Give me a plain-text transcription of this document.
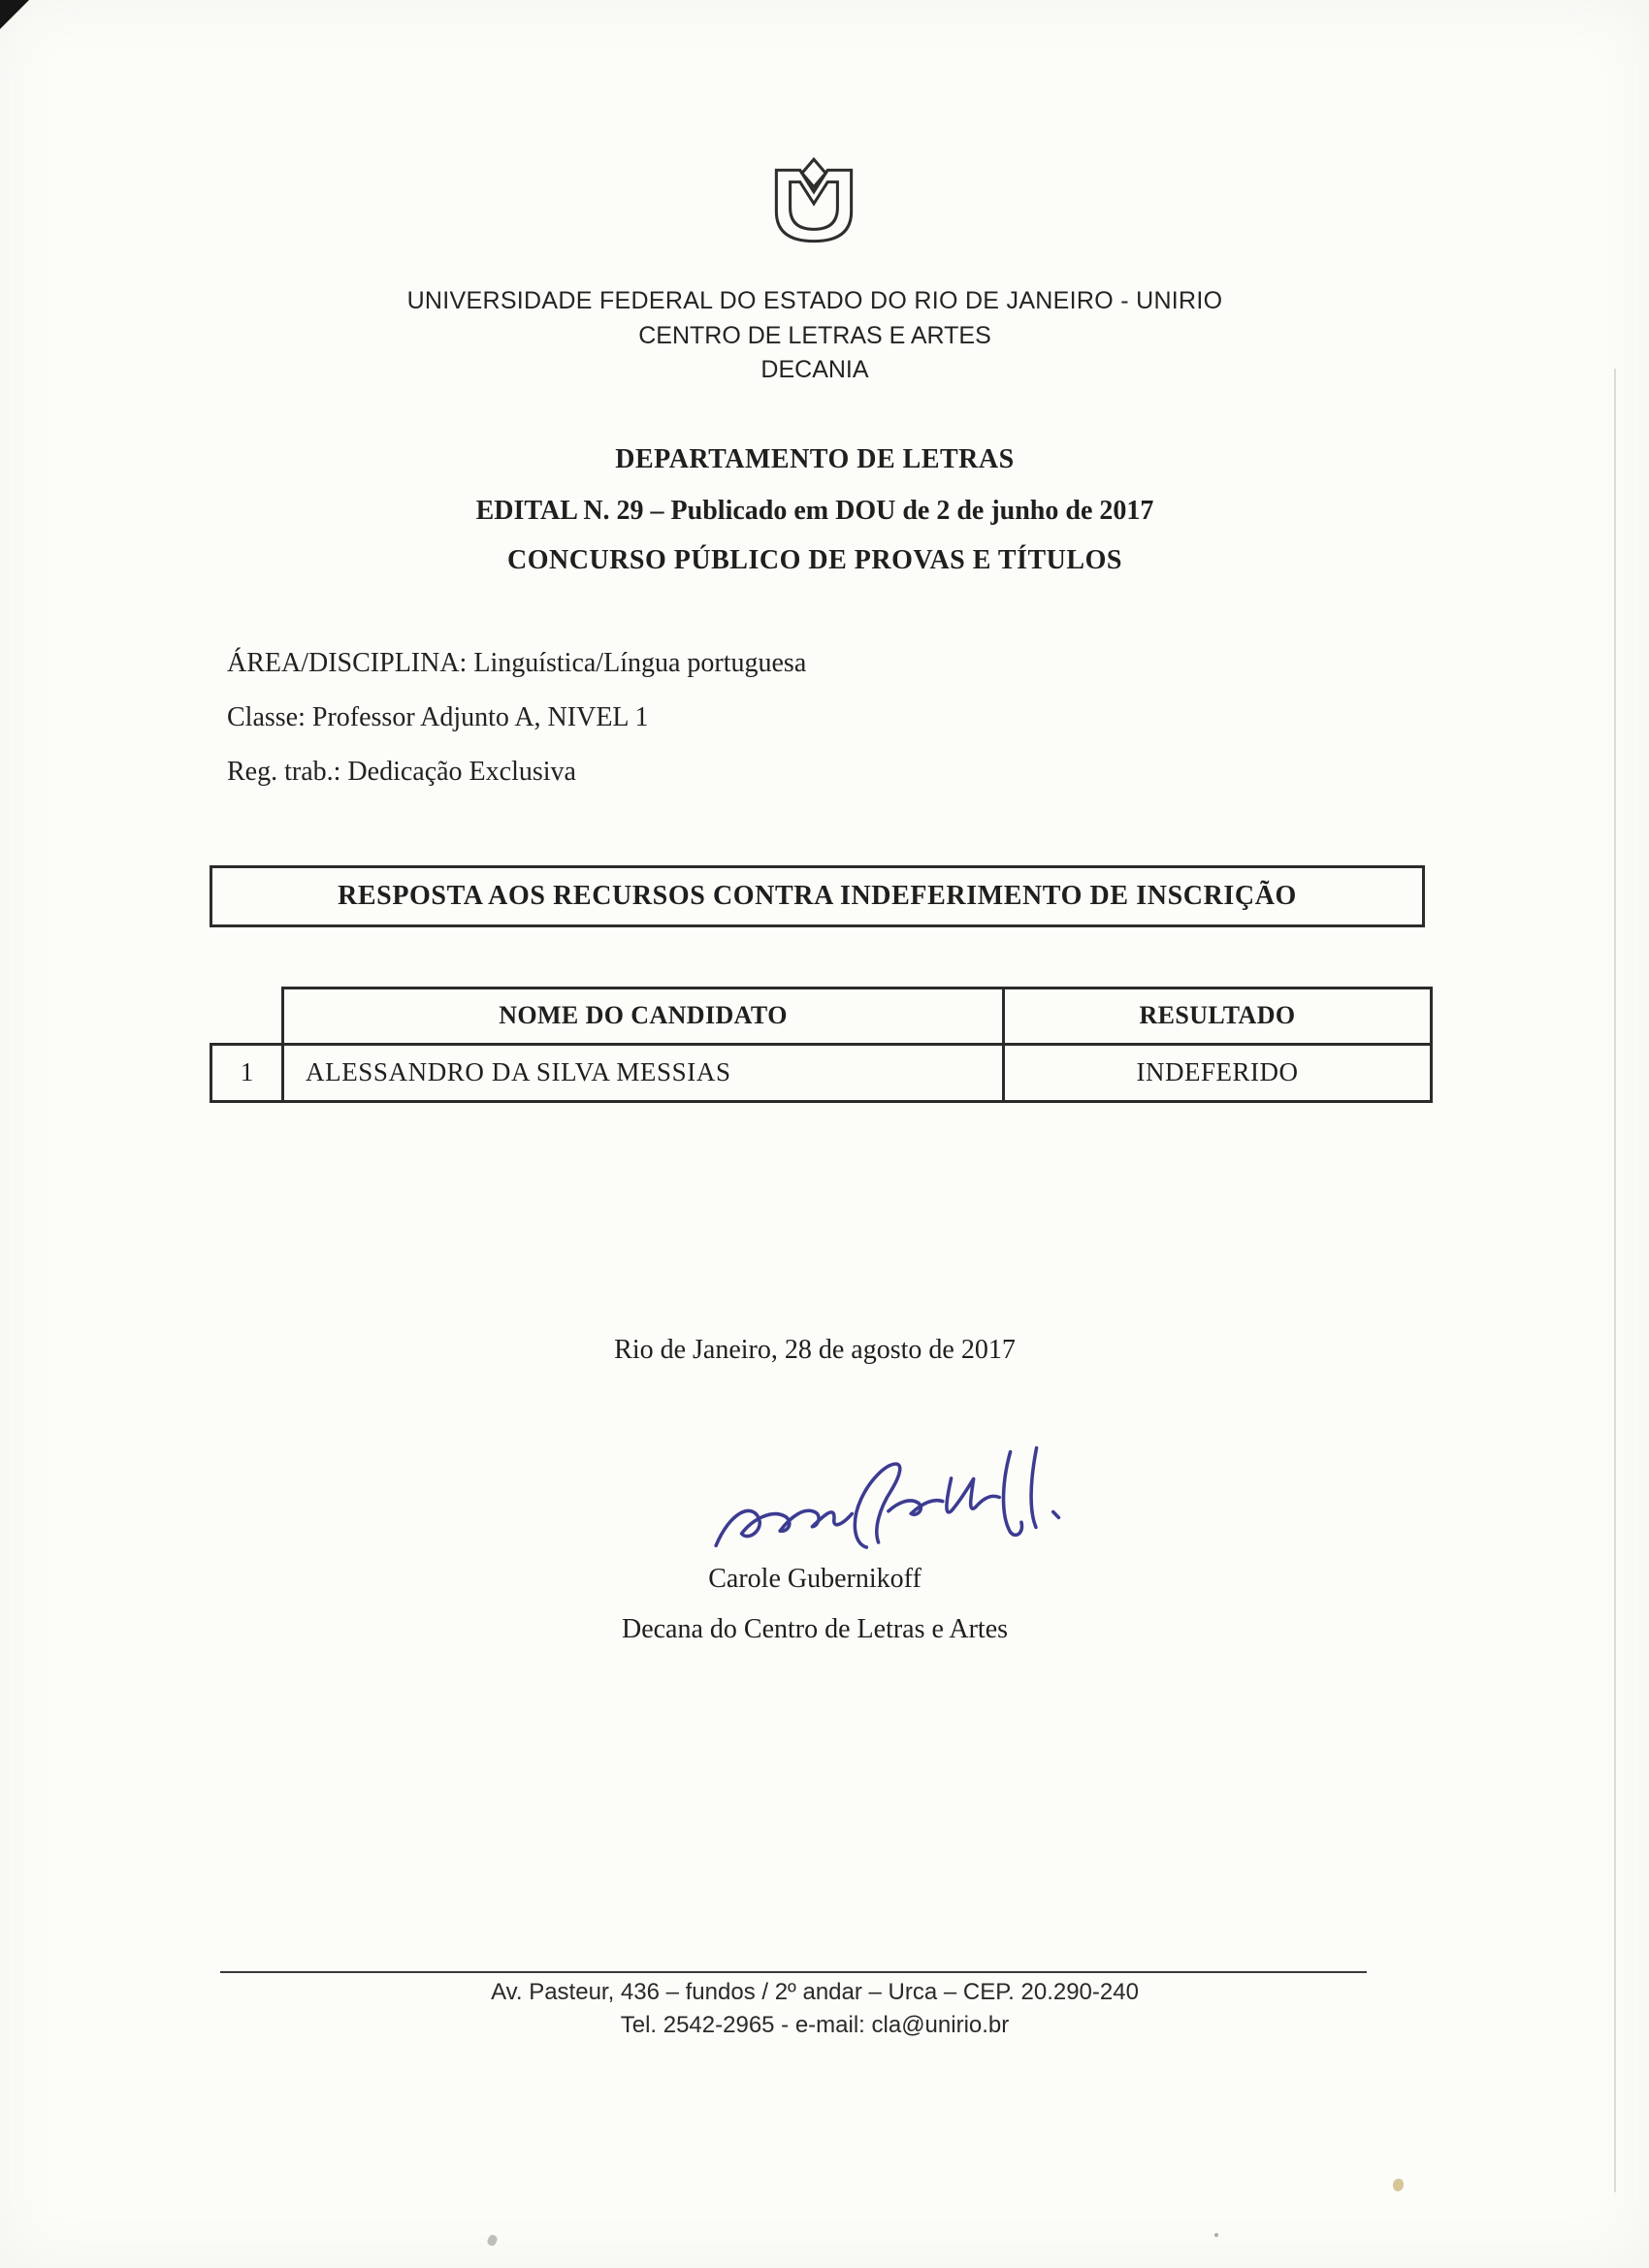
UNIVERSIDADE FEDERAL DO ESTADO DO RIO DE JANEIRO - UNIRIO
CENTRO DE LETRAS E ARTES
DECANIA
DEPARTAMENTO DE LETRAS
EDITAL N. 29 – Publicado em DOU de 2 de junho de 2017
CONCURSO PÚBLICO DE PROVAS E TÍTULOS
ÁREA/DISCIPLINA: Linguística/Língua portuguesa
Classe: Professor Adjunto A, NIVEL 1
Reg. trab.: Dedicação Exclusiva
RESPOSTA AOS RECURSOS CONTRA INDEFERIMENTO DE INSCRIÇÃO
	NOME DO CANDIDATO	RESULTADO
1	ALESSANDRO DA SILVA MESSIAS	INDEFERIDO
Rio de Janeiro, 28 de agosto de 2017
Carole Gubernikoff
Decana do Centro de Letras e Artes
Av. Pasteur, 436 – fundos / 2º andar – Urca – CEP. 20.290-240
Tel. 2542-2965 - e-mail: cla@unirio.br
